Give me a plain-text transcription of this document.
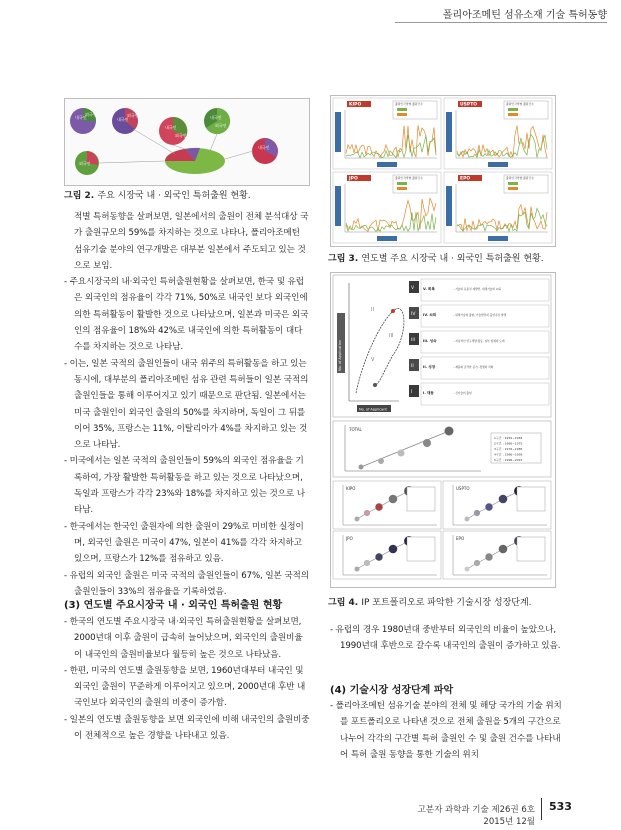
폴리아조메틴 섬유소재 기술 특허동향
내국인
외국인
내국인
외국인
내국인
외국인
내국인
외국인
내국인
외국인
그림 2. 주요 시장국 내 · 외국인 특허출원 현황.

적별 특허동향을 살펴보면, 일본에서의 출원이 전체 분석대상 국가 출원규모의 59%를 차지하는 것으로 나타나, 폴리아조메틴 섬유기술 분야의 연구개발은 대부분 일본에서 주도되고 있는 것으로 보임.

- 주요시장국의 내·외국인 특허출원현황을 살펴보면, 한국 및 유럽은 외국인의 점유율이 각각 71%, 50%로 내국인 보다 외국인에 의한 특허활동이 활발한 것으로 나타났으며, 일본과 미국은 외국인의 점유율이 18%와 42%로 내국인에 의한 특허활동이 대다수를 차지하는 것으로 나타남.

- 이는, 일본 국적의 출원인들이 내국 위주의 특허활동을 하고 있는 동시에, 대부분의 폴리아조메틴 섬유 관련 특허들이 일본 국적의 출원인들을 통해 이루어지고 있기 때문으로 판단됨. 일본에서는 미국 출원인이 외국인 출원의 50%를 차지하며, 독일이 그 뒤를 이어 35%, 프랑스는 11%, 이탈리아가 4%를 차지하고 있는 것으로 나타남.

- 미국에서는 일본 국적의 출원인들이 59%의 외국인 점유율을 기록하여, 가장 활발한 특허활동을 하고 있는 것으로 나타났으며, 독일과 프랑스가 각각 23%와 18%를 차지하고 있는 것으로 나타남.

- 한국에서는 한국인 출원자에 의한 출원이 29%로 미비한 실정이며, 외국인 출원은 미국이 47%, 일본이 41%를 각각 차지하고 있으며, 프랑스가 12%를 점유하고 있음.

- 유럽의 외국인 출원은 미국 국적의 출원인들이 67%, 일본 국적의 출원인들이 33%의 점유율을 기록하였음.

(3) 연도별 주요시장국 내 · 외국인 특허출원 현황

- 한국의 연도별 주요시장국 내·외국인 특허출원현황을 살펴보면, 2000년대 이후 출원이 급속히 늘어났으며, 외국인의 출원비율이 내국인의 출원비율보다 월등히 높은 것으로 나타났음.

- 한편, 미국의 연도별 출원동향을 보면, 1960년대부터 내국인 및 외국인 출원이 꾸준하게 이루어지고 있으며, 2000년대 후반 내국인보다 외국인의 출원의 비중이 증가함.

- 일본의 연도별 출원동향을 보면 외국인에 비해 내국인의 출원비중이 전체적으로 높은 경향을 나타내고 있음.

KIPO	출원인국적별 출원건수	USPTO	출원인국적별 출원건수
JPO	출원인국적별 출원건수	EPO	출원인국적별 출원건수
그림 3. 연도별 주요 시장국 내 · 외국인 특허출원 현황.
No. of Application
II
III
V
No. of Applicant
V V. 회복	– 기술의 유용성 재발견, 대체기술의 쇠퇴
IV IV. 쇠퇴	– 대체기술의 출현, 기술발전의 불연속성 발생
III III. 성숙	– 지속적인 연구개발 활동, 일부 업체의 도태
II	II. 성장	– 제품화 급격한 증가, 경쟁의 격화
I	I. 태동	– 신기술의 출현
TOTAL
1구간 : 1955~1965
2구간 : 1966~1975
3구간 : 1976~1985
4구간 : 1986~1995
5구간 : 1996~2015
KIPO	USPTO
JPO	EPO
그림 4. IP 포트폴리오로 파악한 기술시장 성장단계.

- 유럽의 경우 1980년대 중반부터 외국인의 비율이 높았으나, 1990년대 후반으로 갈수록 내국인의 출원이 증가하고 있음.

(4) 기술시장 성장단계 파악

- 폴리아조메틴 섬유기술 분야의 전체 및 해당 국가의 기술 위치를 포트폴리오로 나타낸 것으로 전체 출원을 5개의 구간으로 나누어 각각의 구간별 특허 출원인 수 및 출원 건수를 나타내어 특허 출원 동향을 통한 기술의 위치

고분자 과학과 기술 제26권 6호 2015년 12월
533
